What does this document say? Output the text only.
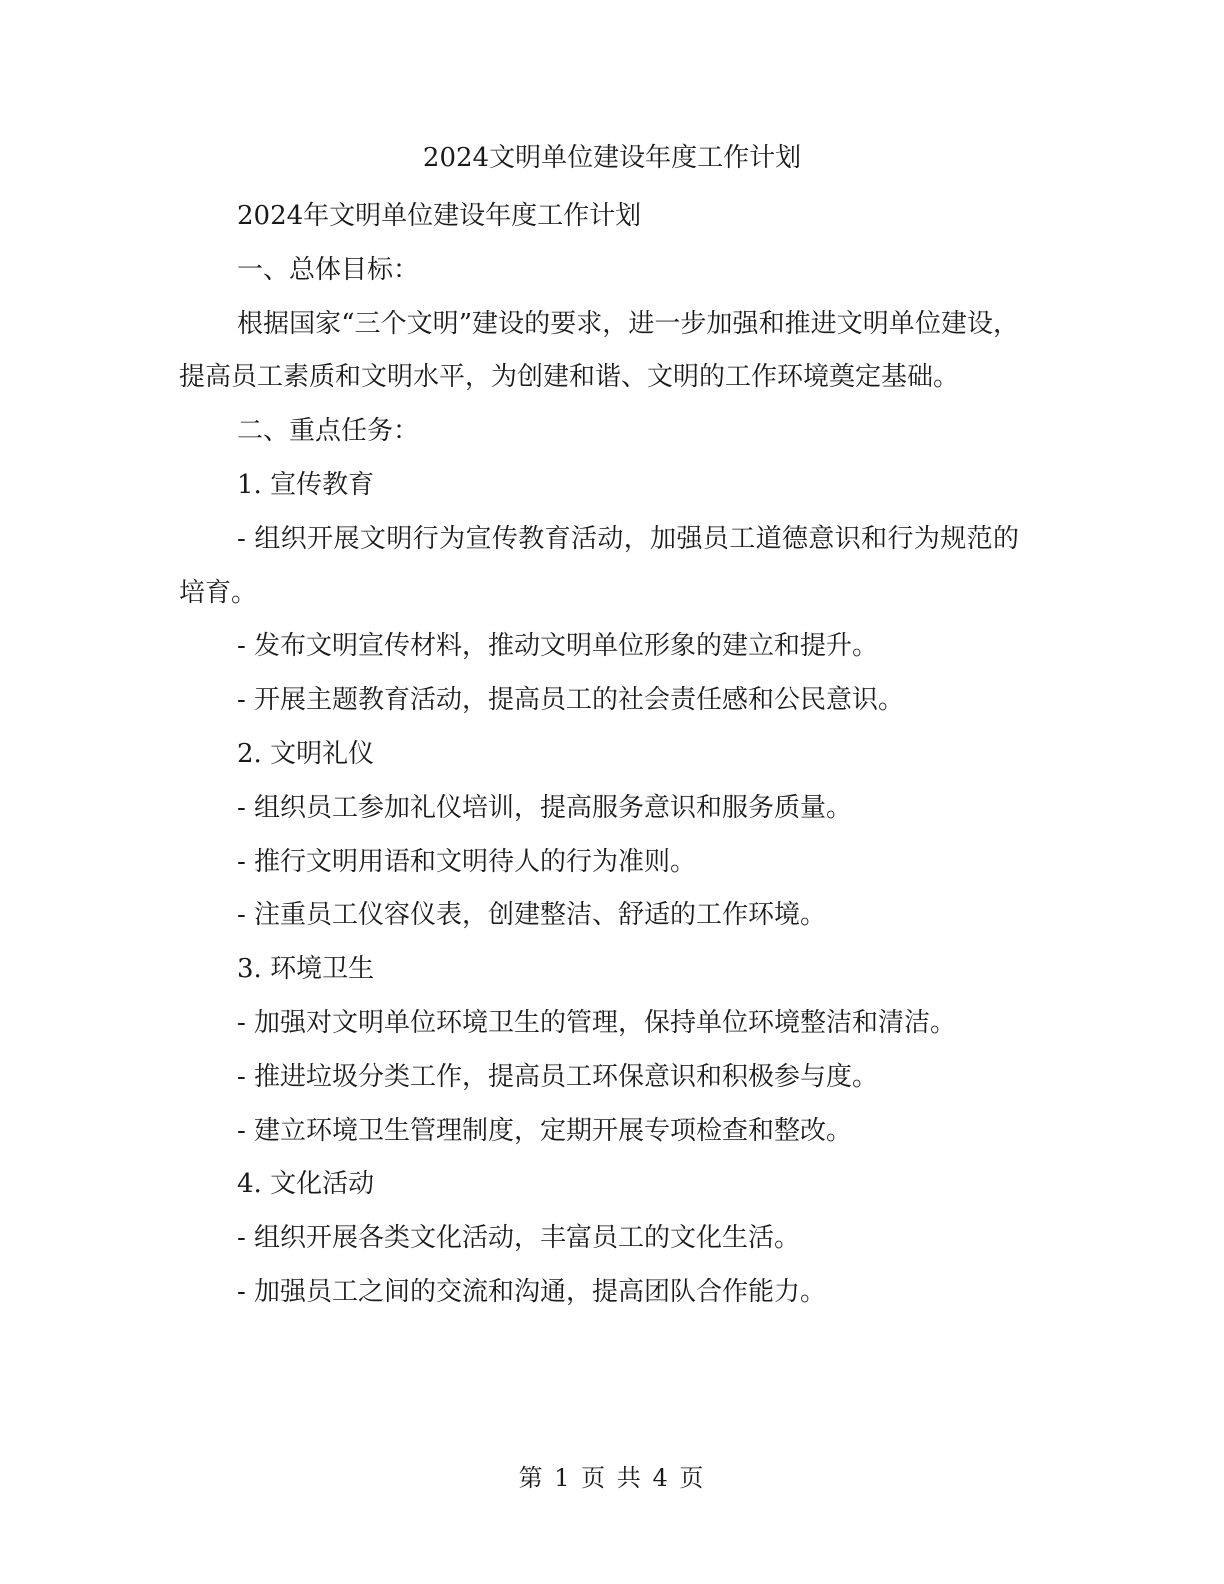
2024文明单位建设年度工作计划

2024年文明单位建设年度工作计划

一、总体目标：

根据国家“三个文明”建设的要求，进一步加强和推进文明单位建设，提高员工素质和文明水平，为创建和谐、文明的工作环境奠定基础。

二、重点任务：

1. 宣传教育

- 组织开展文明行为宣传教育活动，加强员工道德意识和行为规范的培育。

- 发布文明宣传材料，推动文明单位形象的建立和提升。

- 开展主题教育活动，提高员工的社会责任感和公民意识。

2. 文明礼仪

- 组织员工参加礼仪培训，提高服务意识和服务质量。

- 推行文明用语和文明待人的行为准则。

- 注重员工仪容仪表，创建整洁、舒适的工作环境。

3. 环境卫生

- 加强对文明单位环境卫生的管理，保持单位环境整洁和清洁。

- 推进垃圾分类工作，提高员工环保意识和积极参与度。

- 建立环境卫生管理制度，定期开展专项检查和整改。

4. 文化活动

- 组织开展各类文化活动，丰富员工的文化生活。

- 加强员工之间的交流和沟通，提高团队合作能力。

第 1 页 共 4 页
